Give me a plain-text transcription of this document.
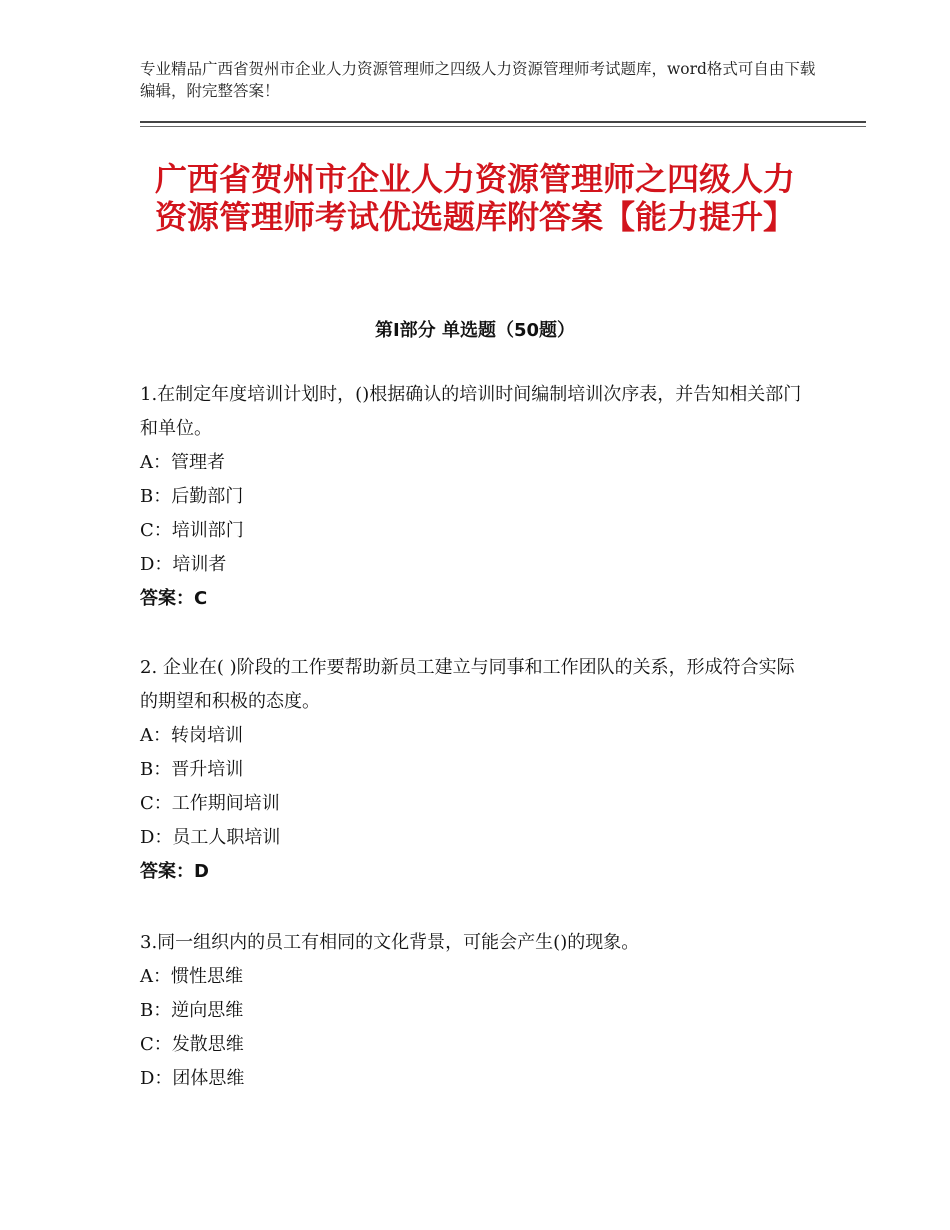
专业精品广西省贺州市企业人力资源管理师之四级人力资源管理师考试题库，word格式可自由下载编辑，附完整答案！
广西省贺州市企业人力资源管理师之四级人力资源管理师考试优选题库附答案【能力提升】
第Ⅰ部分 单选题（50题）

1.在制定年度培训计划时，()根据确认的培训时间编制培训次序表，并告知相关部门和单位。

A：管理者

B：后勤部门

C：培训部门

D：培训者

答案：C

2. 企业在( )阶段的工作要帮助新员工建立与同事和工作团队的关系，形成符合实际的期望和积极的态度。

A：转岗培训

B：晋升培训

C：工作期间培训

D：员工人职培训

答案：D

3.同一组织内的员工有相同的文化背景，可能会产生()的现象。

A：惯性思维

B：逆向思维

C：发散思维

D：团体思维
